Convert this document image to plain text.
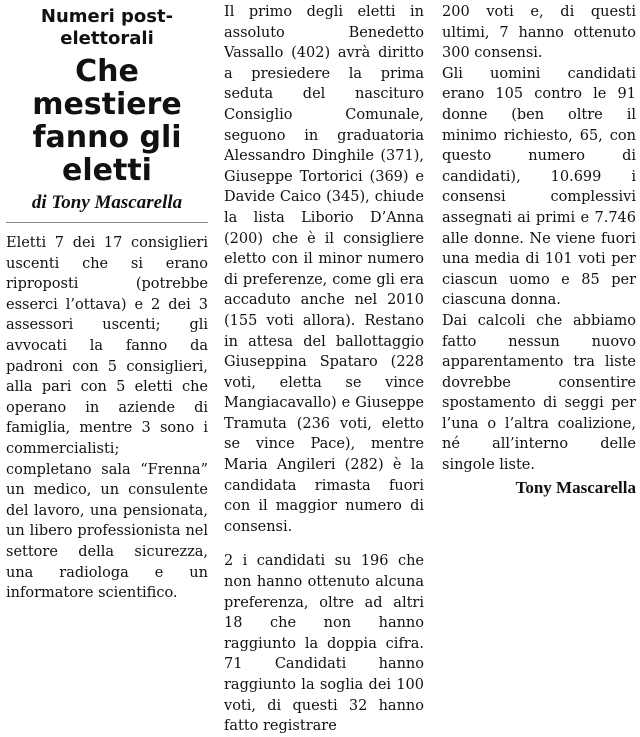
Numeri post-elettorali
Che mestiere fanno gli eletti
di Tony Mascarella

Eletti 7 dei 17 consiglieri uscenti che si erano riproposti (potrebbe esserci l’ottava) e 2 dei 3 assessori uscenti; gli avvocati la fanno da padroni con 5 consiglieri, alla pari con 5 eletti che operano in aziende di famiglia, mentre 3 sono i commercialisti; completano sala “Frenna” un medico, un consulente del lavoro, una pensionata, un libero professionista nel settore della sicurezza, una radiologa e un informatore scientifico.

Il primo degli eletti in assoluto Benedetto Vassallo (402) avrà diritto a presiedere la prima seduta del nascituro Consiglio Comunale, seguono in graduatoria Alessandro Dinghile (371), Giuseppe Tortorici (369) e Davide Caico (345), chiude la lista Liborio D’Anna (200) che è il consigliere eletto con il minor numero di preferenze, come gli era accaduto anche nel 2010 (155 voti allora). Restano in attesa del ballottaggio Giuseppina Spataro (228 voti, eletta se vince Mangiacavallo) e Giuseppe Tramuta (236 voti, eletto se vince Pace), mentre Maria Angileri (282) è la candidata rimasta fuori con il maggior numero di consensi.

2 i candidati su 196 che non hanno ottenuto alcuna preferenza, oltre ad altri 18 che non hanno raggiunto la doppia cifra. 71 Candidati hanno raggiunto la soglia dei 100 voti, di questi 32 hanno fatto registrare

200 voti e, di questi ultimi, 7 hanno ottenuto 300 consensi.

Gli uomini candidati erano 105 contro le 91 donne (ben oltre il minimo richiesto, 65, con questo numero di candidati), 10.699 i consensi complessivi assegnati ai primi e 7.746 alle donne. Ne viene fuori una media di 101 voti per ciascun uomo e 85 per ciascuna donna.

Dai calcoli che abbiamo fatto nessun nuovo apparentamento tra liste dovrebbe consentire spostamento di seggi per l’una o l’altra coalizione, né all’interno delle singole liste.

Tony Mascarella
